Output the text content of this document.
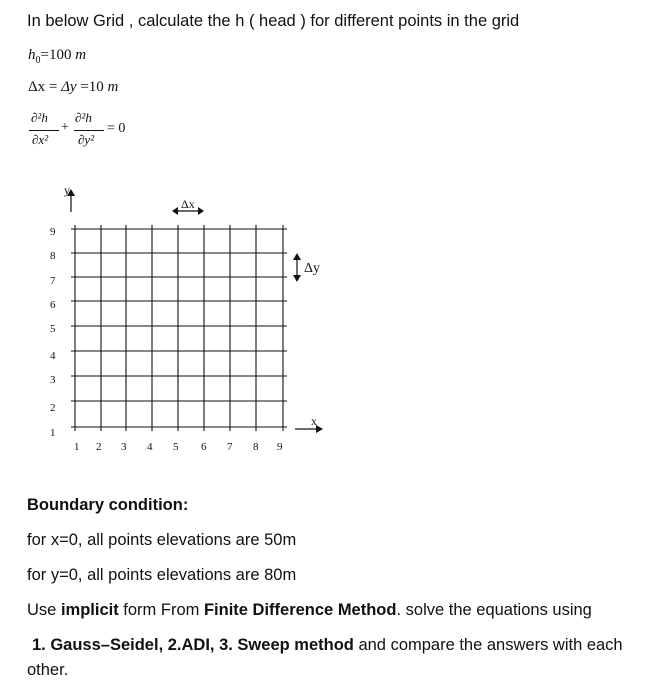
In below Grid , calculate the h ( head ) for different points in the grid
$h_0=100$ m
Δx = Δy =10 m
∂²h
∂x²
+
∂²h
∂y²
= 0
y
Δx
Δy
x
9
8
7
6
5
4
3
2
1
1 2 3 4 5 6 7 8 9
Boundary condition:
for x=0, all points elevations are 50m
for y=0, all points elevations are 80m
Use implicit form From Finite Difference Method. solve the equations using
1. Gauss–Seidel, 2.ADI, 3. Sweep method and compare the answers with each
other.
